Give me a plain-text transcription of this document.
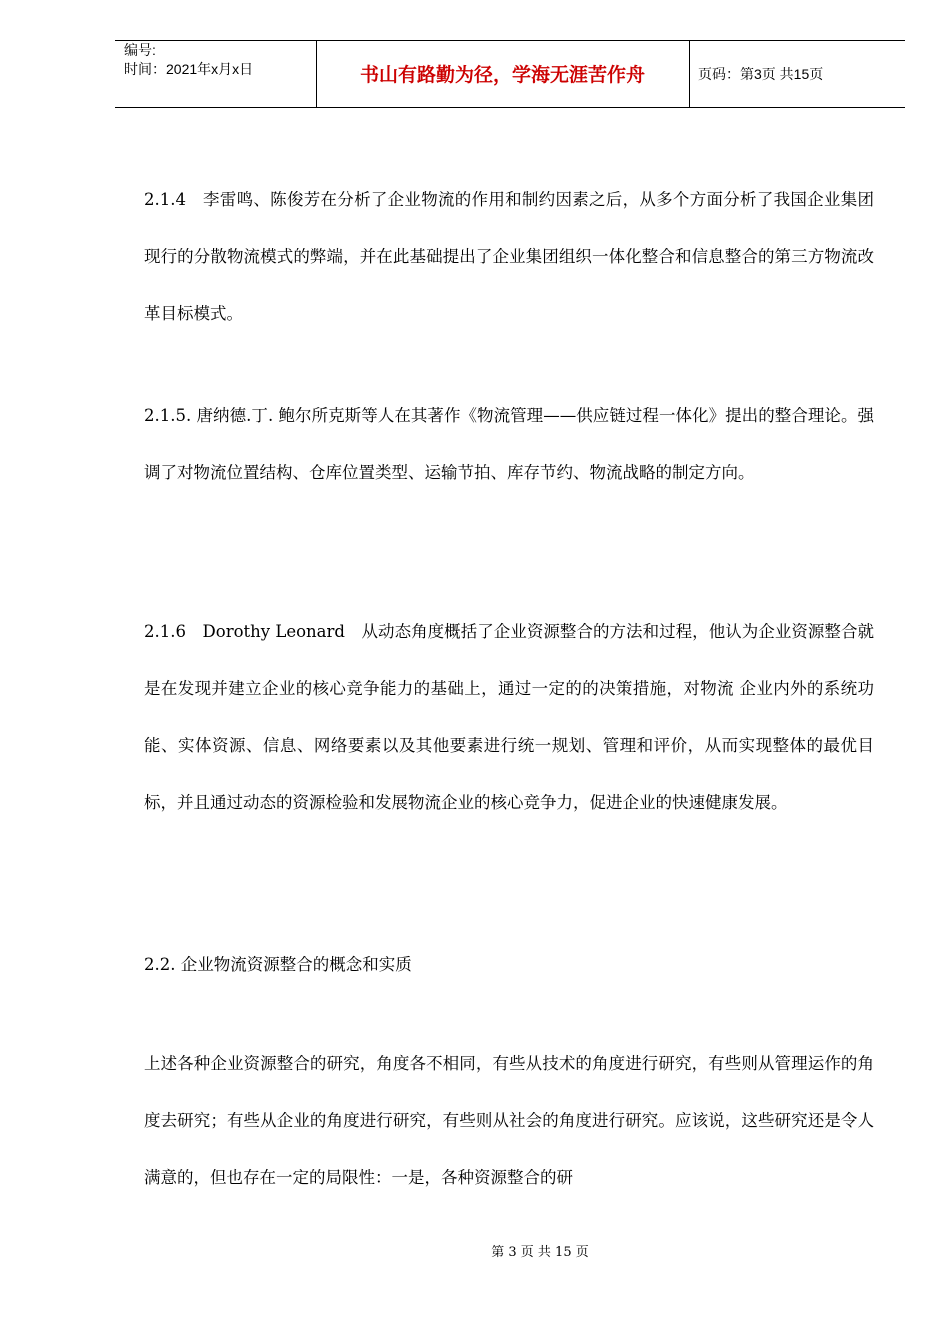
编号:
时间：2021年x月x日	书山有路勤为径，学海无涯苦作舟	页码：第3页 共15页

2.1.4　李雷鸣、陈俊芳在分析了企业物流的作用和制约因素之后，从多个方面分析了我国企业集团现行的分散物流模式的弊端，并在此基础提出了企业集团组织一体化整合和信息整合的第三方物流改革目标模式。

2.1.5. 唐纳德.丁. 鲍尔所克斯等人在其著作《物流管理——供应链过程一体化》提出的整合理论。强调了对物流位置结构、仓库位置类型、运输节拍、库存节约、物流战略的制定方向。

2.1.6　Dorothy Leonard　从动态角度概括了企业资源整合的方法和过程，他认为企业资源整合就是在发现并建立企业的核心竞争能力的基础上，通过一定的的决策措施，对物流 企业内外的系统功能、实体资源、信息、网络要素以及其他要素进行统一规划、管理和评价，从而实现整体的最优目标，并且通过动态的资源检验和发展物流企业的核心竞争力，促进企业的快速健康发展。

2.2. 企业物流资源整合的概念和实质

上述各种企业资源整合的研究，角度各不相同，有些从技术的角度进行研究，有些则从管理运作的角度去研究；有些从企业的角度进行研究，有些则从社会的角度进行研究。应该说，这些研究还是令人满意的，但也存在一定的局限性：一是，各种资源整合的研

第 3 页 共 15 页
